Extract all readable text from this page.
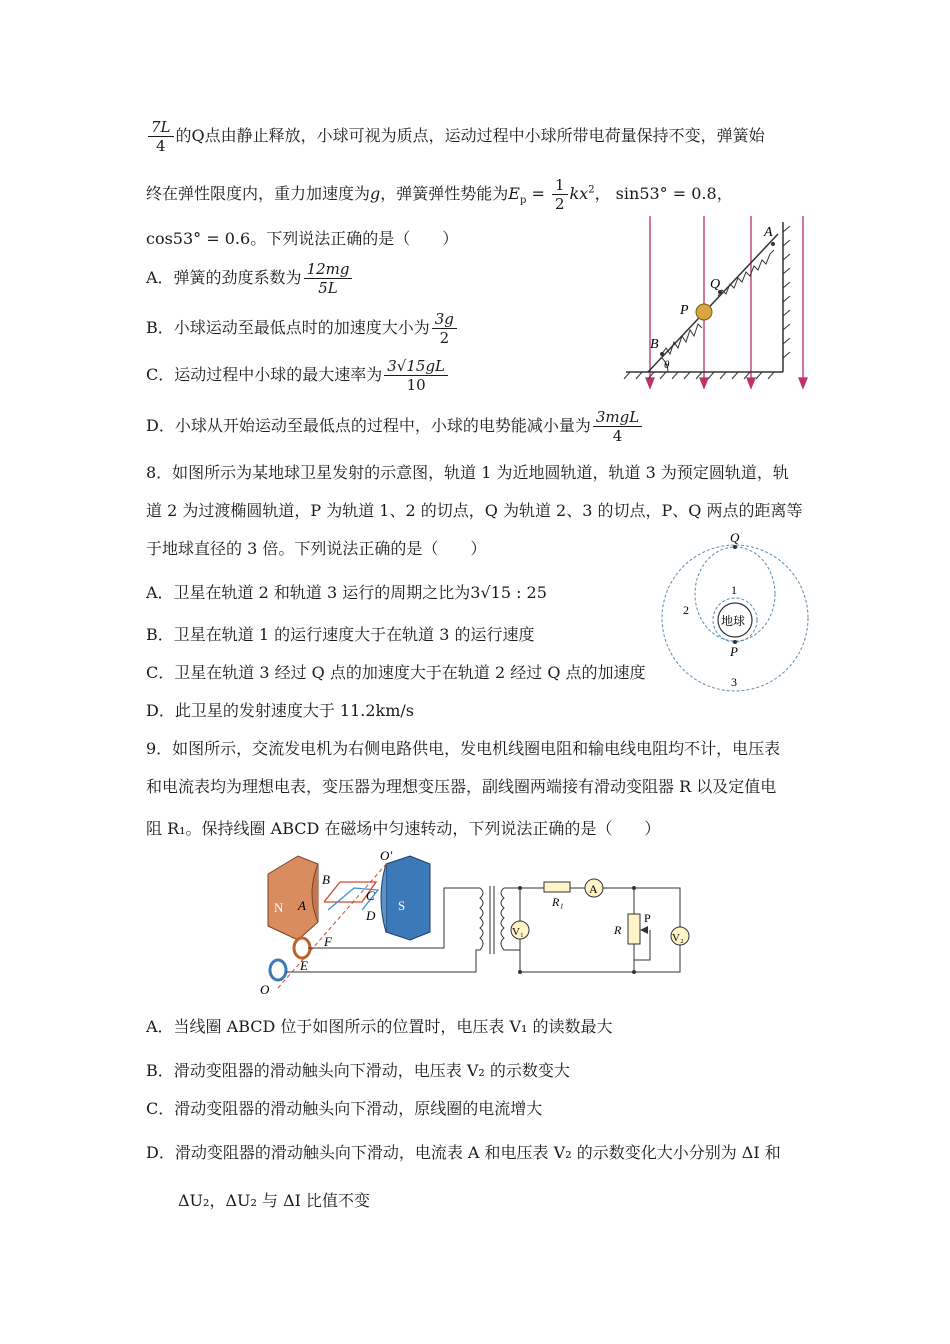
$\frac{7L}{4}$ 的Q点由静止释放，小球可视为质点，运动过程中小球所带电荷量保持不变，弹簧始
终在弹性限度内，重力加速度为g，弹簧弹性势能为$E_p = \frac{1}{2} kx^2$， sin53° = 0.8，
cos53° = 0.6。下列说法正确的是（　　）
A．弹簧的劲度系数为 $\frac{12mg}{5L}$
B．小球运动至最低点时的加速度大小为 $\frac{3g}{2}$
C．运动过程中小球的最大速率为 $\frac{3√15gL}{10}$
D．小球从开始运动至最低点的过程中，小球的电势能减小量为 $\frac{\text{3mgL}}{4}$
A
Q
P
B
θ
8．如图所示为某地球卫星发射的示意图，轨道 1 为近地圆轨道，轨道 3 为预定圆轨道，轨
道 2 为过渡椭圆轨道，P 为轨道 1、2 的切点，Q 为轨道 2、3 的切点，P、Q 两点的距离等
于地球直径的 3 倍。下列说法正确的是（　　）
A．卫星在轨道 2 和轨道 3 运行的周期之比为3√15 : 25
B．卫星在轨道 1 的运行速度大于在轨道 3 的运行速度
C．卫星在轨道 3 经过 Q 点的加速度大于在轨道 2 经过 Q 点的加速度
D．此卫星的发射速度大于 11.2km/s
Q
P
1
2
3
地球
9．如图所示，交流发电机为右侧电路供电，发电机线圈电阻和输电线电阻均不计，电压表
和电流表均为理想电表，变压器为理想变压器，副线圈两端接有滑动变阻器 R 以及定值电
阻 R₁。保持线圈 ABCD 在磁场中匀速转动，下列说法正确的是（　　）
N	S	R₁
A
V₁
P
R
V₂
B
A
C
D
F
E
O
O′
A．当线圈 ABCD 位于如图所示的位置时，电压表 V₁ 的读数最大
B．滑动变阻器的滑动触头向下滑动，电压表 V₂ 的示数变大
C．滑动变阻器的滑动触头向下滑动，原线圈的电流增大
D．滑动变阻器的滑动触头向下滑动，电流表 A 和电压表 V₂ 的示数变化大小分别为 ΔI 和
ΔU₂，ΔU₂ 与 ΔI 比值不变
